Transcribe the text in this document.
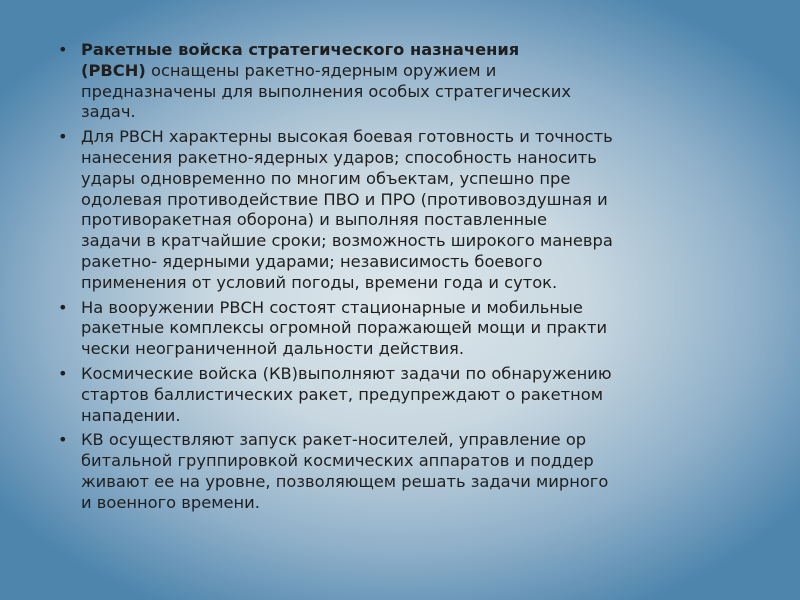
• Ракетные войска стратегического назначения
(РВСН) оснащены ракетно-ядерным оружием и
предназначены для выполнения особых стратегических
задач.
• Для РВСН характерны высокая боевая готовность и точность
нанесения ракетно-ядерных ударов; способность наносить
удары одновременно по многим объектам, успешно пре
одолевая противодействие ПВО и ПРО (противовоздушная и
противоракетная оборона) и выполняя поставленные
задачи в кратчайшие сроки; возможность широкого маневра
ракетно- ядерными ударами; независимость боевого
применения от условий погоды, времени года и суток.
• На вооружении РВСН состоят стационарные и мобильные
ракетные комплексы огромной поражающей мощи и практи
чески неограниченной дальности действия.
• Космические войска (КВ)выполняют задачи по обнаружению
стартов баллистических ракет, предупреждают о ракетном
нападении.
• КВ осуществляют запуск ракет-носителей, управление ор
битальной группировкой космических аппаратов и поддер
живают ее на уровне, позволяющем решать задачи мирного
и военного времени.
